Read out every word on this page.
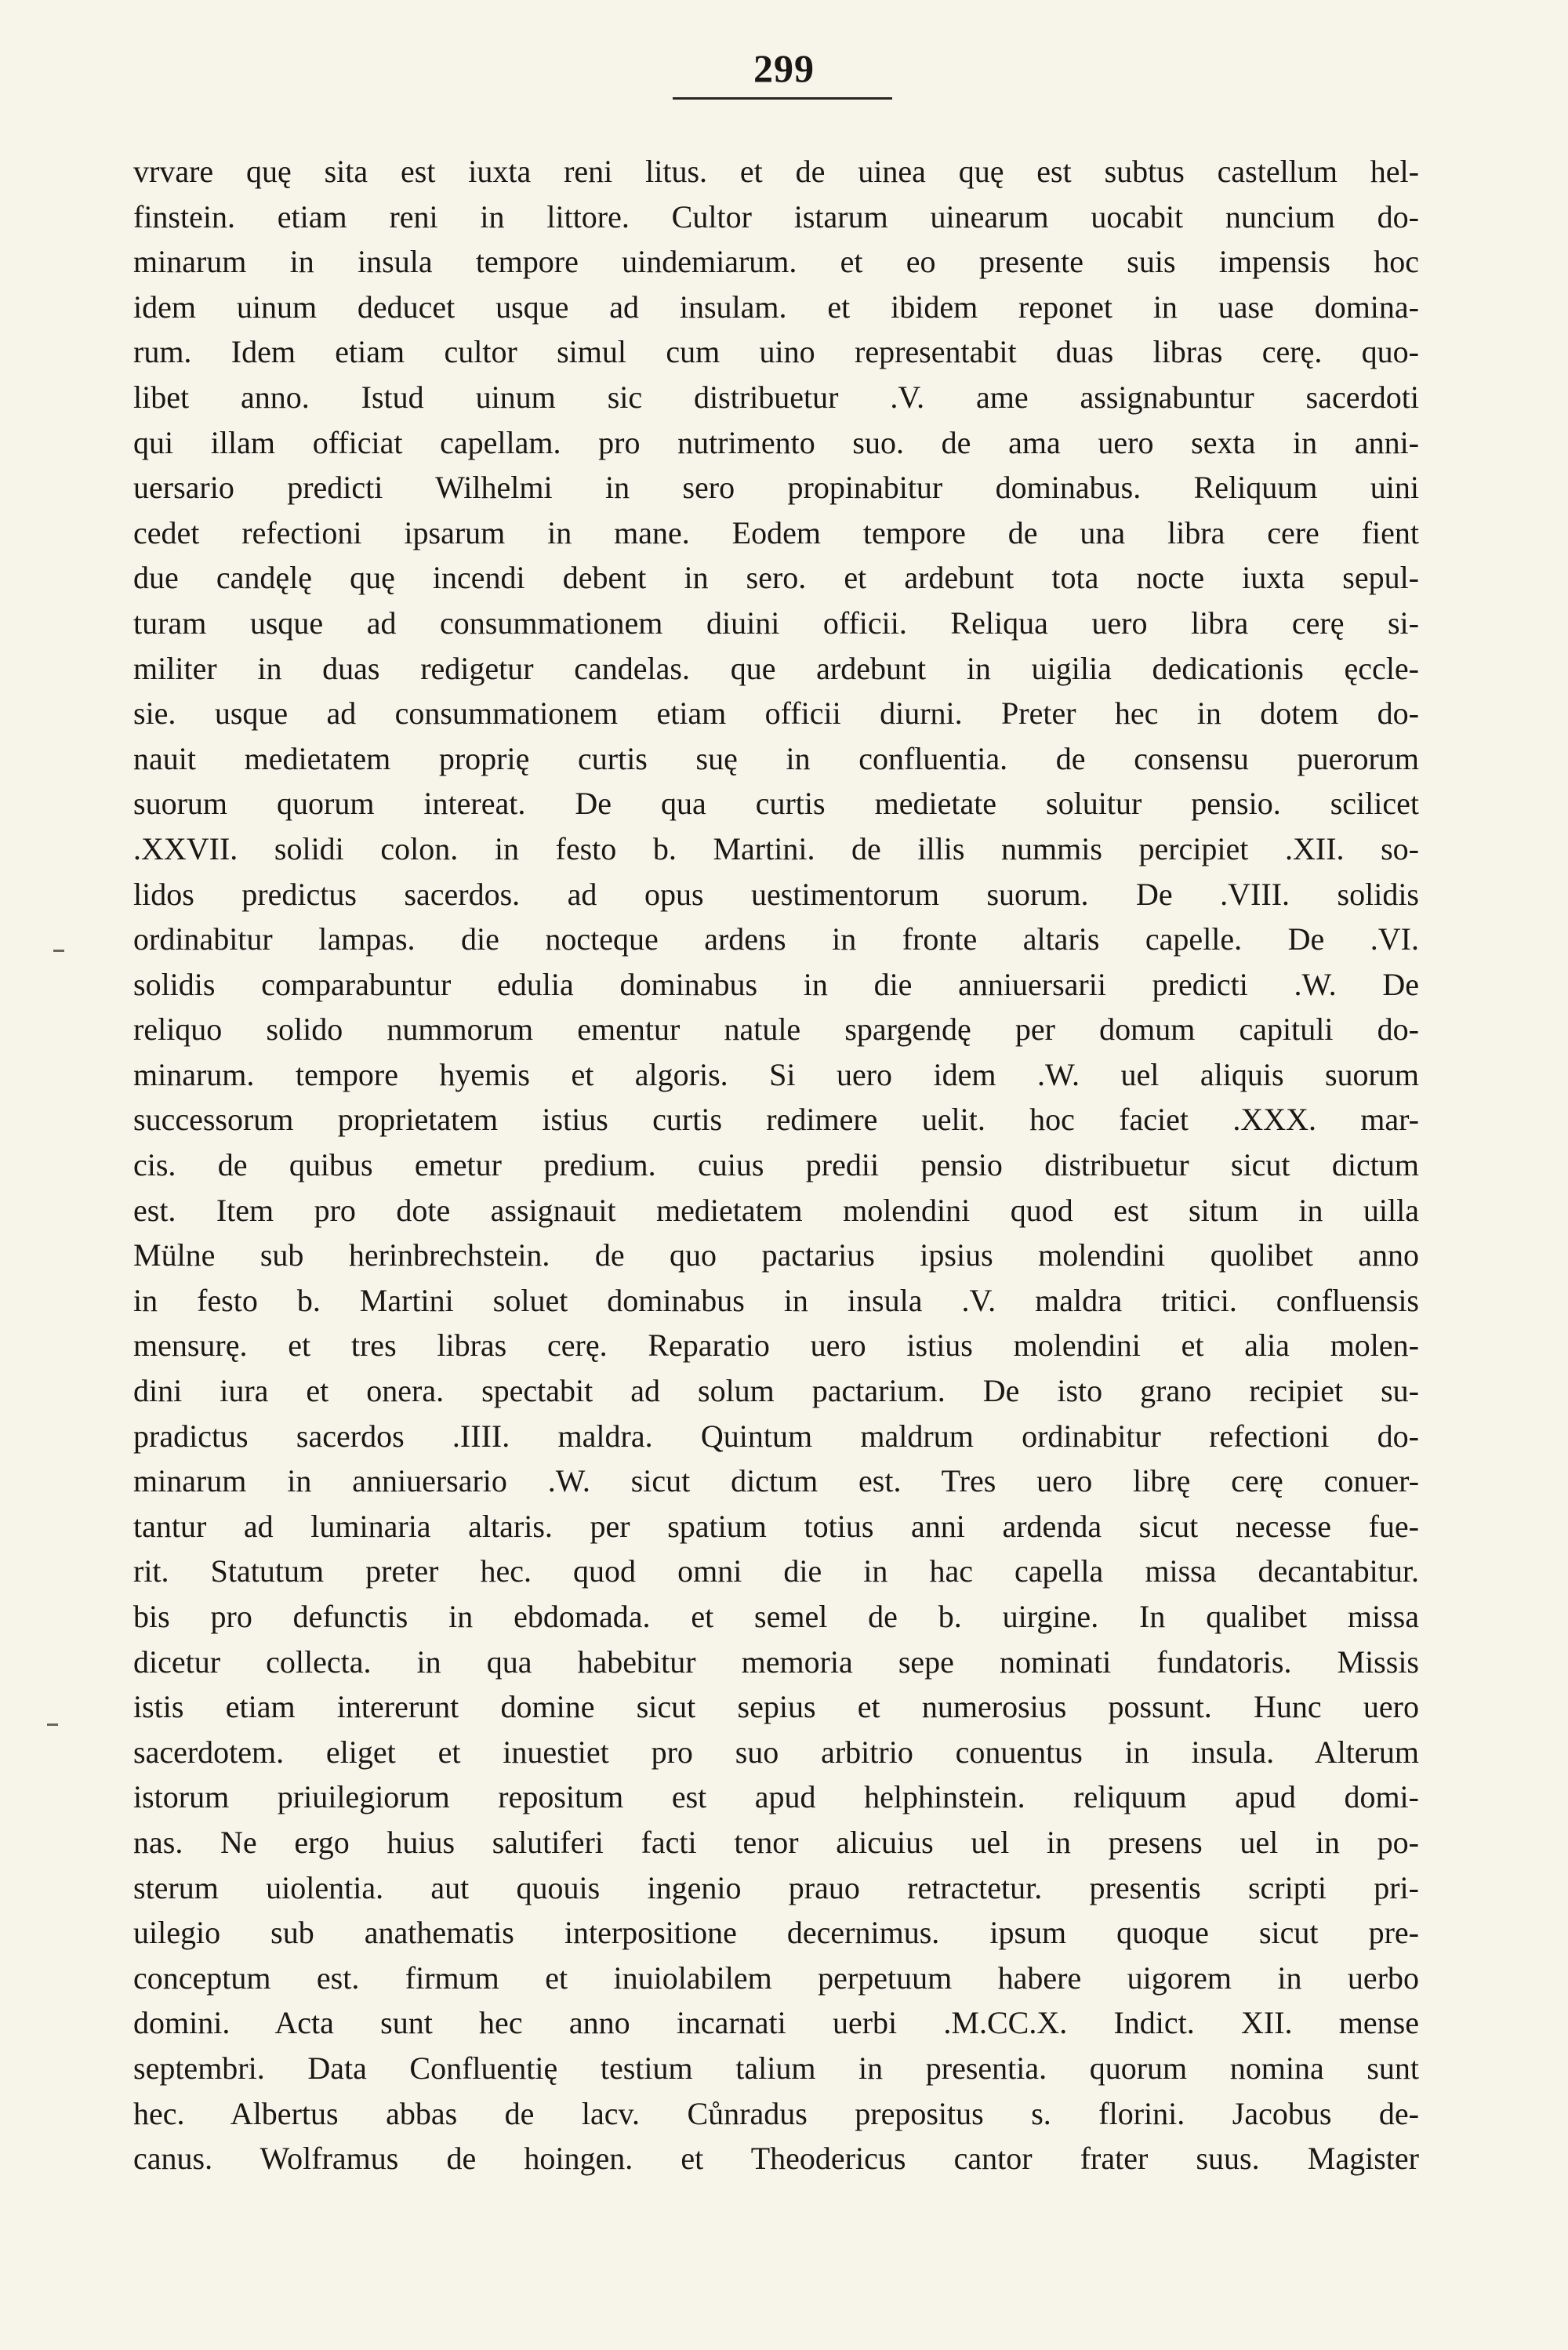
299
vrvare quę sita est iuxta reni litus. et de uinea quę est subtus castellum hel-
finstein. etiam reni in littore. Cultor istarum uinearum uocabit nuncium do-
minarum in insula tempore uindemiarum. et eo presente suis impensis hoc
idem uinum deducet usque ad insulam. et ibidem reponet in uase domina-
rum. Idem etiam cultor simul cum uino representabit duas libras cerę. quo-
libet anno. Istud uinum sic distribuetur .V. ame assignabuntur sacerdoti
qui illam officiat capellam. pro nutrimento suo. de ama uero sexta in anni-
uersario predicti Wilhelmi in sero propinabitur dominabus. Reliquum uini
cedet refectioni ipsarum in mane. Eodem tempore de una libra cere fient
due candęlę quę incendi debent in sero. et ardebunt tota nocte iuxta sepul-
turam usque ad consummationem diuini officii. Reliqua uero libra cerę si-
militer in duas redigetur candelas. que ardebunt in uigilia dedicationis ęccle-
sie. usque ad consummationem etiam officii diurni. Preter hec in dotem do-
nauit medietatem proprię curtis suę in confluentia. de consensu puerorum
suorum quorum intereat. De qua curtis medietate soluitur pensio. scilicet
.XXVII. solidi colon. in festo b. Martini. de illis nummis percipiet .XII. so-
lidos predictus sacerdos. ad opus uestimentorum suorum. De .VIII. solidis
ordinabitur lampas. die nocteque ardens in fronte altaris capelle. De .VI.
solidis comparabuntur edulia dominabus in die anniuersarii predicti .W. De
reliquo solido nummorum ementur natule spargendę per domum capituli do-
minarum. tempore hyemis et algoris. Si uero idem .W. uel aliquis suorum
successorum proprietatem istius curtis redimere uelit. hoc faciet .XXX. mar-
cis. de quibus emetur predium. cuius predii pensio distribuetur sicut dictum
est. Item pro dote assignauit medietatem molendini quod est situm in uilla
Mülne sub herinbrechstein. de quo pactarius ipsius molendini quolibet anno
in festo b. Martini soluet dominabus in insula .V. maldra tritici. confluensis
mensurę. et tres libras cerę. Reparatio uero istius molendini et alia molen-
dini iura et onera. spectabit ad solum pactarium. De isto grano recipiet su-
pradictus sacerdos .IIII. maldra. Quintum maldrum ordinabitur refectioni do-
minarum in anniuersario .W. sicut dictum est. Tres uero librę cerę conuer-
tantur ad luminaria altaris. per spatium totius anni ardenda sicut necesse fue-
rit. Statutum preter hec. quod omni die in hac capella missa decantabitur.
bis pro defunctis in ebdomada. et semel de b. uirgine. In qualibet missa
dicetur collecta. in qua habebitur memoria sepe nominati fundatoris. Missis
istis etiam intererunt domine sicut sepius et numerosius possunt. Hunc uero
sacerdotem. eliget et inuestiet pro suo arbitrio conuentus in insula. Alterum
istorum priuilegiorum repositum est apud helphinstein. reliquum apud domi-
nas. Ne ergo huius salutiferi facti tenor alicuius uel in presens uel in po-
sterum uiolentia. aut quouis ingenio prauo retractetur. presentis scripti pri-
uilegio sub anathematis interpositione decernimus. ipsum quoque sicut pre-
conceptum est. firmum et inuiolabilem perpetuum habere uigorem in uerbo
domini. Acta sunt hec anno incarnati uerbi .M.CC.X. Indict. XII. mense
septembri. Data Confluentię testium talium in presentia. quorum nomina sunt
hec. Albertus abbas de lacv. Cůnradus prepositus s. florini. Jacobus de-
canus. Wolframus de hoingen. et Theodericus cantor frater suus. Magister
